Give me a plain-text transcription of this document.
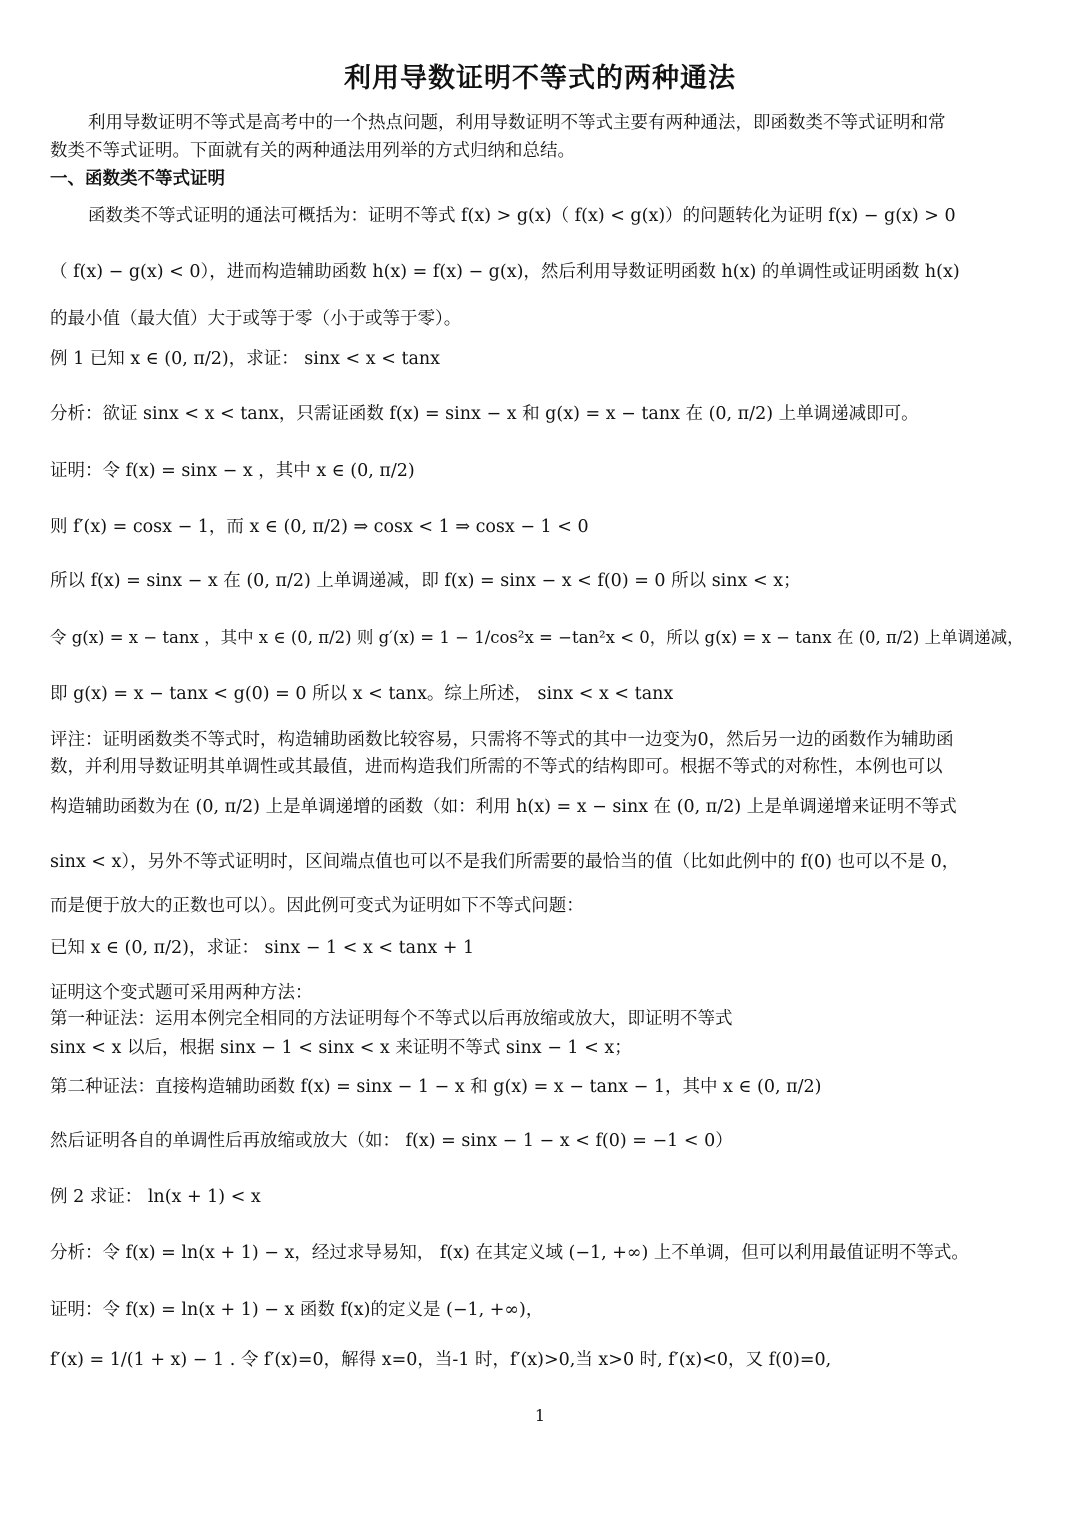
利用导数证明不等式的两种通法
利用导数证明不等式是高考中的一个热点问题，利用导数证明不等式主要有两种通法，即函数类不等式证明和常
数类不等式证明。下面就有关的两种通法用列举的方式归纳和总结。
一、函数类不等式证明
函数类不等式证明的通法可概括为：证明不等式 f(x) > g(x)（ f(x) < g(x)）的问题转化为证明 f(x) − g(x) > 0
（ f(x) − g(x) < 0），进而构造辅助函数 h(x) = f(x) − g(x)，然后利用导数证明函数 h(x) 的单调性或证明函数 h(x)
的最小值（最大值）大于或等于零（小于或等于零）。
例 1 已知 x ∈ (0, π/2)，求证： sinx < x < tanx
分析：欲证 sinx < x < tanx，只需证函数 f(x) = sinx − x 和 g(x) = x − tanx 在 (0, π/2) 上单调递减即可。
证明：令 f(x) = sinx − x ，其中 x ∈ (0, π/2)
则 f′(x) = cosx − 1，而 x ∈ (0, π/2) ⇒ cosx < 1 ⇒ cosx − 1 < 0
所以 f(x) = sinx − x 在 (0, π/2) 上单调递减，即 f(x) = sinx − x < f(0) = 0 所以 sinx < x；
令 g(x) = x − tanx ，其中 x ∈ (0, π/2) 则 g′(x) = 1 − 1/cos²x = −tan²x < 0，所以 g(x) = x − tanx 在 (0, π/2) 上单调递减，
即 g(x) = x − tanx < g(0) = 0 所以 x < tanx。综上所述， sinx < x < tanx
评注：证明函数类不等式时，构造辅助函数比较容易，只需将不等式的其中一边变为0，然后另一边的函数作为辅助函
数，并利用导数证明其单调性或其最值，进而构造我们所需的不等式的结构即可。根据不等式的对称性，本例也可以
构造辅助函数为在 (0, π/2) 上是单调递增的函数（如：利用 h(x) = x − sinx 在 (0, π/2) 上是单调递增来证明不等式
sinx < x），另外不等式证明时，区间端点值也可以不是我们所需要的最恰当的值（比如此例中的 f(0) 也可以不是 0，
而是便于放大的正数也可以）。因此例可变式为证明如下不等式问题：
已知 x ∈ (0, π/2)，求证： sinx − 1 < x < tanx + 1
证明这个变式题可采用两种方法：
第一种证法：运用本例完全相同的方法证明每个不等式以后再放缩或放大，即证明不等式
sinx < x 以后，根据 sinx − 1 < sinx < x 来证明不等式 sinx − 1 < x；
第二种证法：直接构造辅助函数 f(x) = sinx − 1 − x 和 g(x) = x − tanx − 1，其中 x ∈ (0, π/2)
然后证明各自的单调性后再放缩或放大（如： f(x) = sinx − 1 − x < f(0) = −1 < 0）
例 2 求证： ln(x + 1) < x
分析：令 f(x) = ln(x + 1) − x，经过求导易知， f(x) 在其定义域 (−1, +∞) 上不单调，但可以利用最值证明不等式。
证明：令 f(x) = ln(x + 1) − x 函数 f(x)的定义是 (−1, +∞)，
f′(x) = 1/(1 + x) − 1 . 令 f′(x)=0，解得 x=0，当-1 时，f′(x)>0,当 x>0 时, f′(x)<0，又 f(0)=0,
1
